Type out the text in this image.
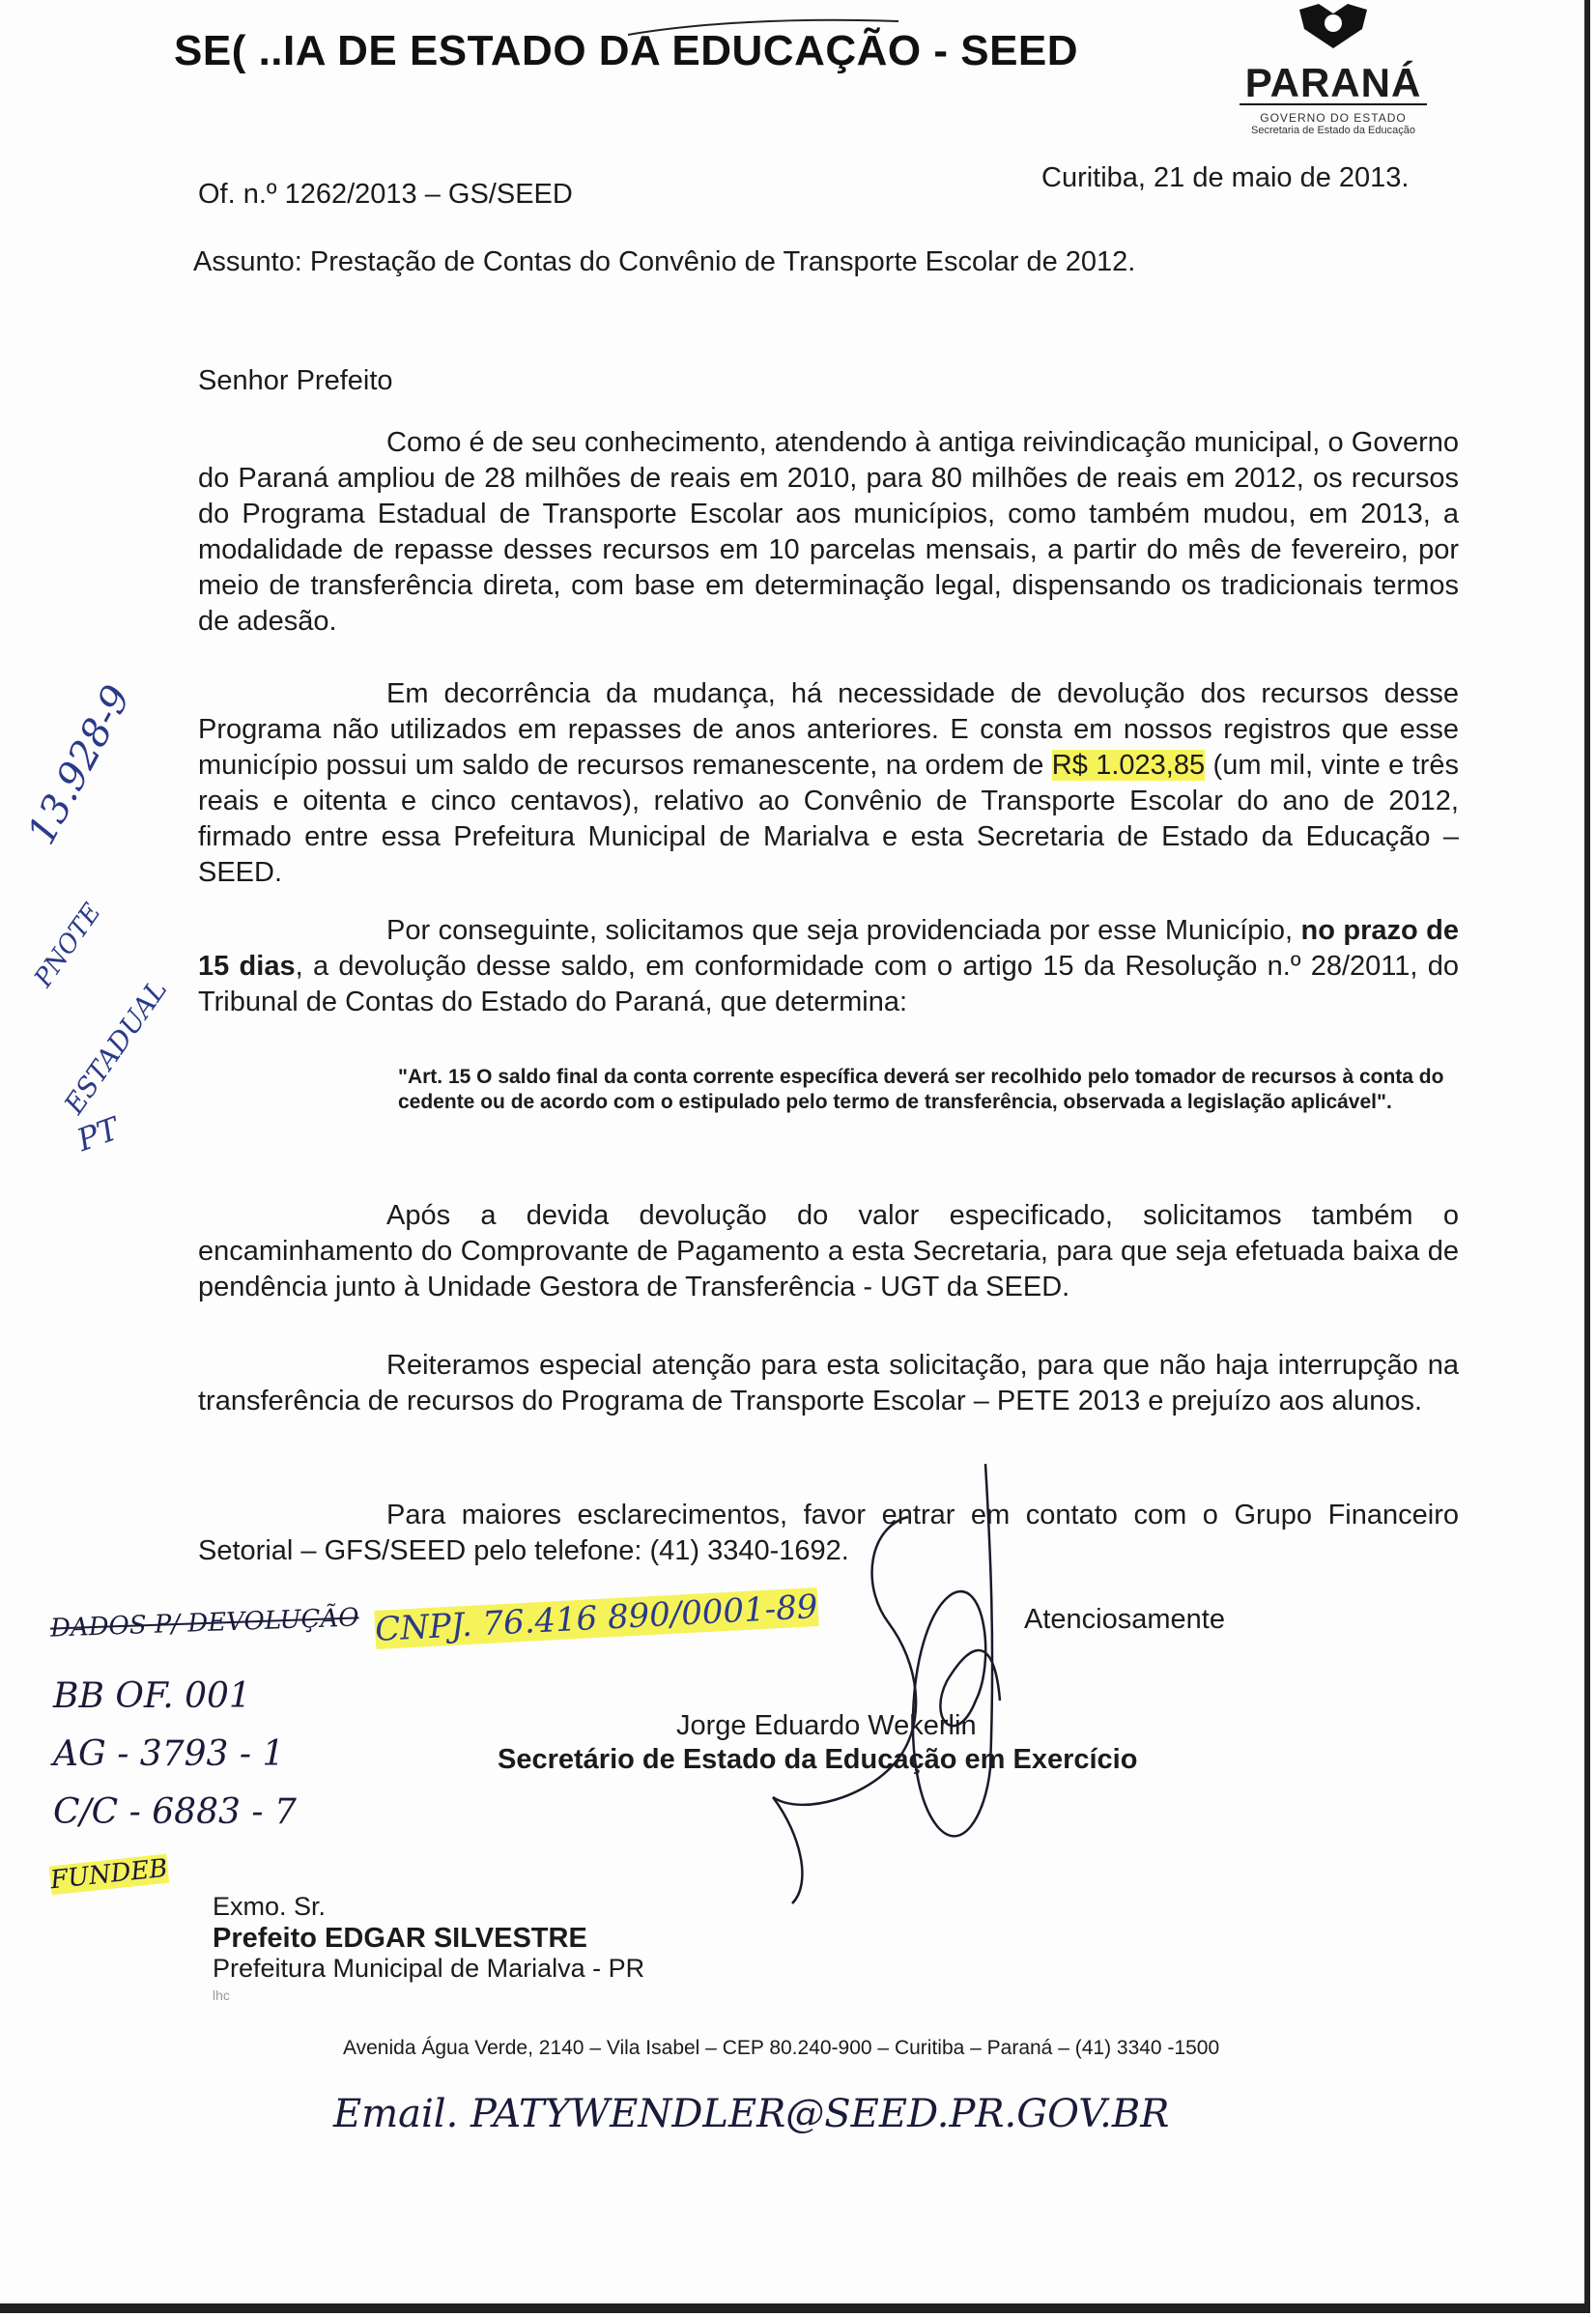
SE( ..IA DE ESTADO DA EDUCAÇÃO - SEED
PARANÁ
GOVERNO DO ESTADO
Secretaria de Estado da Educação
Of. n.º 1262/2013 – GS/SEED
Curitiba, 21 de maio de 2013.
Assunto: Prestação de Contas do Convênio de Transporte Escolar de 2012.
Senhor Prefeito
Como é de seu conhecimento, atendendo à antiga reivindicação municipal, o Governo do Paraná ampliou de 28 milhões de reais em 2010, para 80 milhões de reais em 2012, os recursos do Programa Estadual de Transporte Escolar aos municípios, como também mudou, em 2013, a modalidade de repasse desses recursos em 10 parcelas mensais, a partir do mês de fevereiro, por meio de transferência direta, com base em determinação legal, dispensando os tradicionais termos de adesão.
Em decorrência da mudança, há necessidade de devolução dos recursos desse Programa não utilizados em repasses de anos anteriores. E consta em nossos registros que esse município possui um saldo de recursos remanescente, na ordem de R$ 1.023,85 (um mil, vinte e três reais e oitenta e cinco centavos), relativo ao Convênio de Transporte Escolar do ano de 2012, firmado entre essa Prefeitura Municipal de Marialva e esta Secretaria de Estado da Educação – SEED.
Por conseguinte, solicitamos que seja providenciada por esse Município, no prazo de 15 dias, a devolução desse saldo, em conformidade com o artigo 15 da Resolução n.º 28/2011, do Tribunal de Contas do Estado do Paraná, que determina:
"Art. 15 O saldo final da conta corrente específica deverá ser recolhido pelo tomador de recursos à conta do cedente ou de acordo com o estipulado pelo termo de transferência, observada a legislação aplicável".
Após a devida devolução do valor especificado, solicitamos também o encaminhamento do Comprovante de Pagamento a esta Secretaria, para que seja efetuada baixa de pendência junto à Unidade Gestora de Transferência - UGT da SEED.
Reiteramos especial atenção para esta solicitação, para que não haja interrupção na transferência de recursos do Programa de Transporte Escolar – PETE 2013 e prejuízo aos alunos.
Para maiores esclarecimentos, favor entrar em contato com o Grupo Financeiro Setorial – GFS/SEED pelo telefone: (41) 3340-1692.
Atenciosamente
Jorge Eduardo Wekerlin
Secretário de Estado da Educação em Exercício
Exmo. Sr.
Prefeito EDGAR SILVESTRE
Prefeitura Municipal de Marialva - PR
lhc
Avenida Água Verde, 2140 – Vila Isabel – CEP 80.240-900 – Curitiba – Paraná – (41) 3340 -1500
13.928-9
PNOTE
ESTADUAL
PT
DADOS P/ DEVOLUÇÃO CNPJ. 76.416 890/0001-89
BB OF. 001
AG - 3793 - 1
C/C - 6883 - 7
FUNDEB
Email. PATYWENDLER@SEED.PR.GOV.BR
